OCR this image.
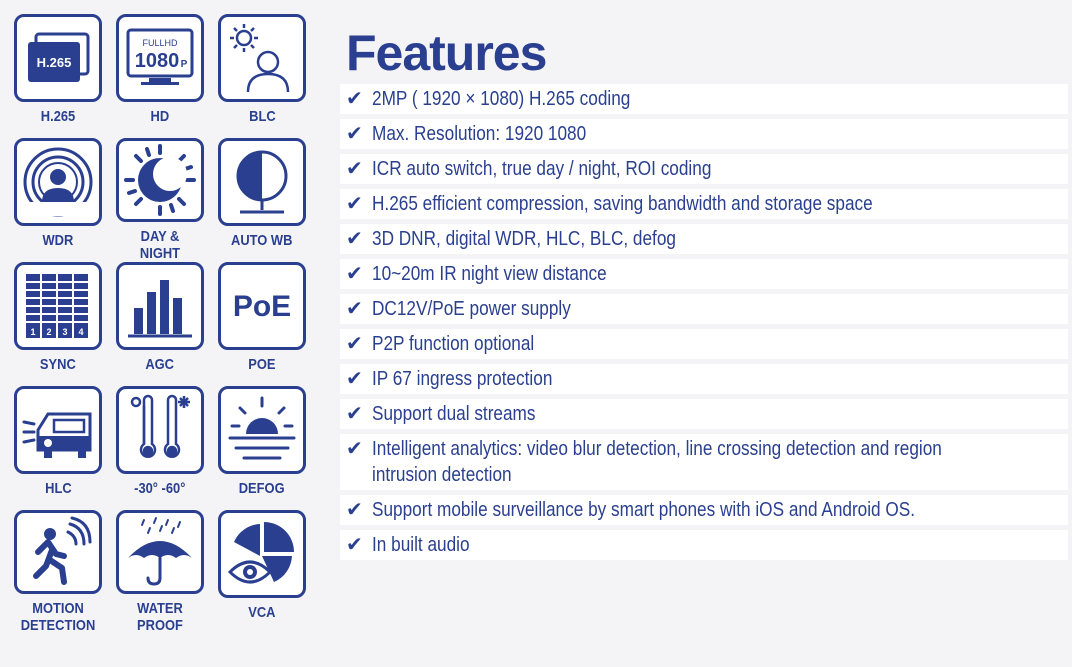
H.265
H.265
FULLHD
1080 P
HD	BLC
WDR	DAY & NIGHT
AUTO WB
1 2 3 4
SYNC	AGC
PoE
POE
HLC	-30° -60°	DEFOG
MOTION DETECTION
WATER PROOF
VCA
Features
✔ 2MP ( 1920 × 1080) H.265 coding
✔ Max. Resolution: 1920 1080
✔ ICR auto switch, true day / night, ROI coding
✔ H.265 efficient compression, saving bandwidth and storage space
✔ 3D DNR, digital WDR, HLC, BLC, defog
✔ 10~20m IR night view distance
✔ DC12V/PoE power supply
✔ P2P function optional
✔ IP 67 ingress protection
✔ Support dual streams
✔ Intelligent analytics: video blur detection, line crossing detection and region intrusion detection
✔ Support mobile surveillance by smart phones with iOS and Android OS.
✔ In built audio
